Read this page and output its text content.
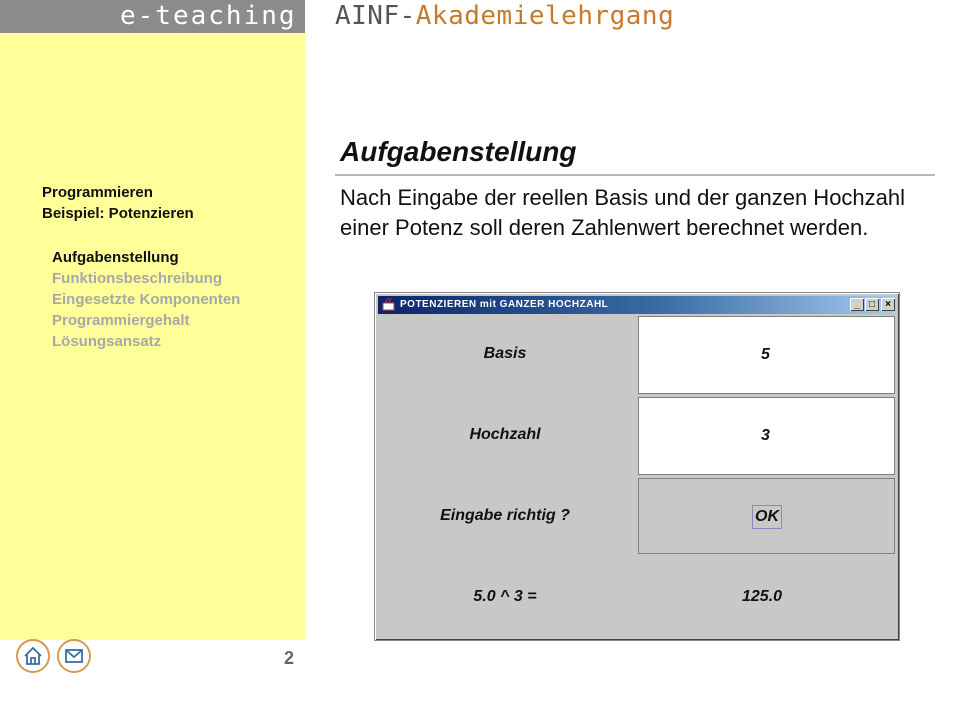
e-teaching AINF-Akademielehrgang
Programmieren
Beispiel: Potenzieren
Aufgabenstellung
Funktionsbeschreibung
Eingesetzte Komponenten
Programmiergehalt
Lösungsansatz
2
Aufgabenstellung
Nach Eingabe der reellen Basis und der ganzen Hochzahl einer Potenz soll deren Zahlenwert berechnet werden.
POTENZIEREN mit GANZER HOCHZAHL	_ □	×
Basis	5
Hochzahl	3
Eingabe richtig ?	OK
5.0 ^ 3 =	125.0
